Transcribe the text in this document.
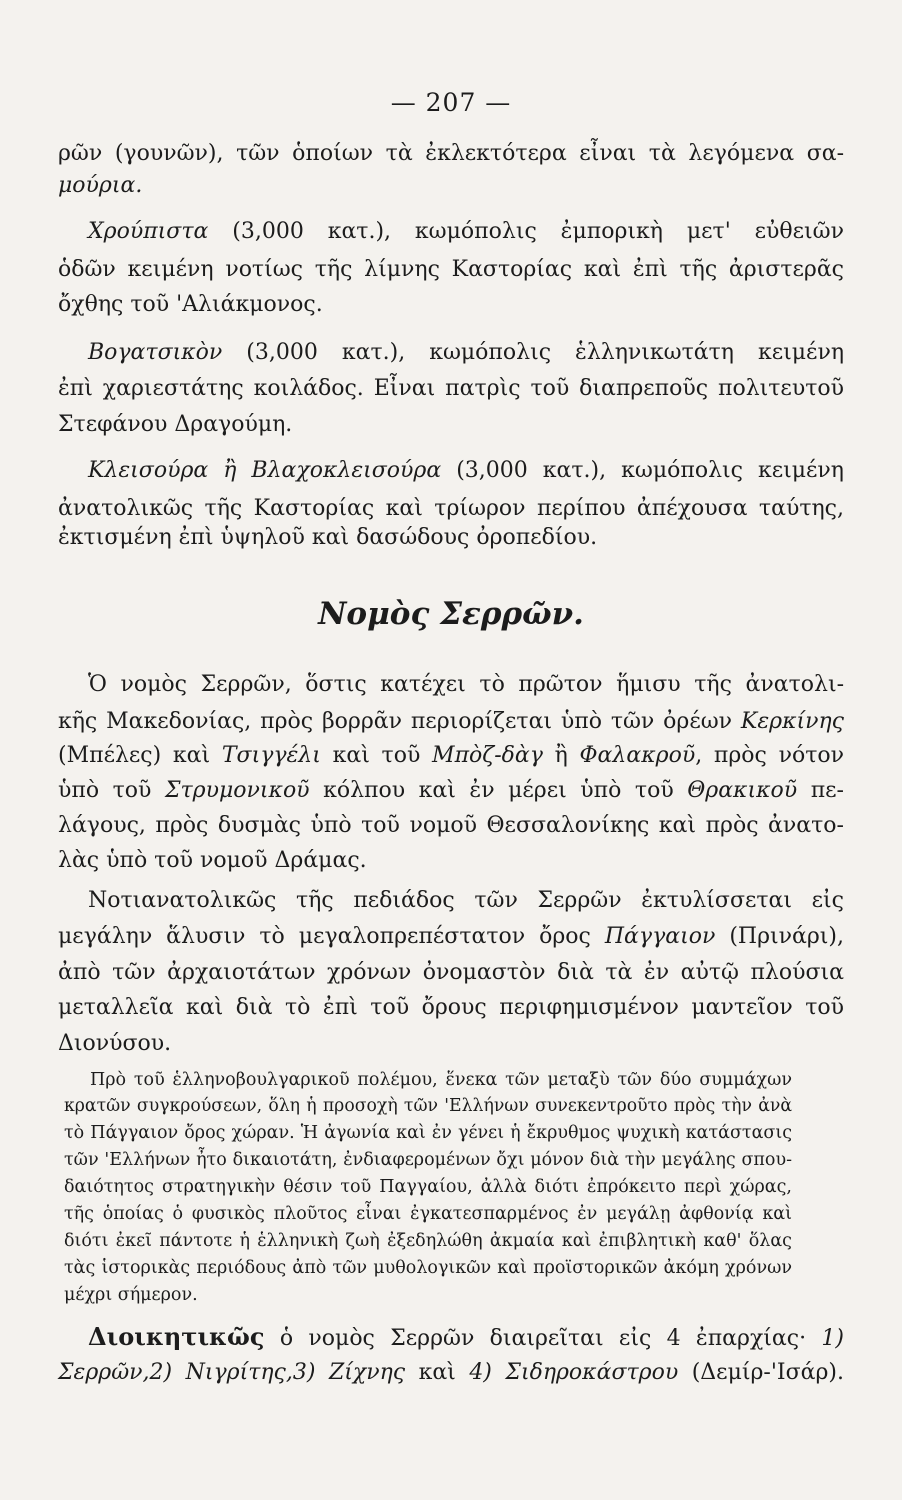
— 207 —
ρῶν (γουνῶν), τῶν ὁποίων τὰ ἐκλεκτότερα εἶναι τὰ λεγόμενα σα-
μούρια.
Χρούπιστα (3,000 κατ.), κωμόπολις ἐμπορικὴ μετ' εὐθειῶν
ὁδῶν κειμένη νοτίως τῆς λίμνης Καστορίας καὶ ἐπὶ τῆς ἀριστερᾶς
ὄχθης τοῦ 'Αλιάκμονος.
Βογατσικὸν (3,000 κατ.), κωμόπολις ἑλληνικωτάτη κειμένη
ἐπὶ χαριεστάτης κοιλάδος. Εἶναι πατρὶς τοῦ διαπρεποῦς πολιτευτοῦ
Στεφάνου Δραγούμη.
Κλεισούρα ἢ Βλαχοκλεισούρα (3,000 κατ.), κωμόπολις κειμένη
ἀνατολικῶς τῆς Καστορίας καὶ τρίωρον περίπου ἀπέχουσα ταύτης,
ἐκτισμένη ἐπὶ ὑψηλοῦ καὶ δασώδους ὀροπεδίου.
Νομὸς Σερρῶν.
Ὁ νομὸς Σερρῶν, ὅστις κατέχει τὸ πρῶτον ἥμισυ τῆς ἀνατολι-
κῆς Μακεδονίας, πρὸς βορρᾶν περιορίζεται ὑπὸ τῶν ὀρέων Κερκίνης
(Μπέλες) καὶ Τσιγγέλι καὶ τοῦ Μπὸζ-δὰγ ἢ Φαλακροῦ, πρὸς νότον
ὑπὸ τοῦ Στρυμονικοῦ κόλπου καὶ ἐν μέρει ὑπὸ τοῦ Θρακικοῦ πε-
λάγους, πρὸς δυσμὰς ὑπὸ τοῦ νομοῦ Θεσσαλονίκης καὶ πρὸς ἀνατο-
λὰς ὑπὸ τοῦ νομοῦ Δράμας.
Νοτιανατολικῶς τῆς πεδιάδος τῶν Σερρῶν ἐκτυλίσσεται εἰς
μεγάλην ἅλυσιν τὸ μεγαλοπρεπέστατον ὄρος Πάγγαιον (Πρινάρι),
ἀπὸ τῶν ἀρχαιοτάτων χρόνων ὀνομαστὸν διὰ τὰ ἐν αὐτῷ πλούσια
μεταλλεῖα καὶ διὰ τὸ ἐπὶ τοῦ ὄρους περιφημισμένον μαντεῖον τοῦ
Διονύσου.
Πρὸ τοῦ ἑλληνοβουλγαρικοῦ πολέμου, ἕνεκα τῶν μεταξὺ τῶν δύο συμμάχων
κρατῶν συγκρούσεων, ὅλη ἡ προσοχὴ τῶν 'Ελλήνων συνεκεντροῦτο πρὸς τὴν ἀνὰ
τὸ Πάγγαιον ὄρος χώραν. Ἡ ἀγωνία καὶ ἐν γένει ἡ ἔκρυθμος ψυχικὴ κατάστασις
τῶν 'Ελλήνων ἦτο δικαιοτάτη, ἐνδιαφερομένων ὄχι μόνον διὰ τὴν μεγάλης σπου-
δαιότητος στρατηγικὴν θέσιν τοῦ Παγγαίου, ἀλλὰ διότι ἐπρόκειτο περὶ χώρας,
τῆς ὁποίας ὁ φυσικὸς πλοῦτος εἶναι ἐγκατεσπαρμένος ἐν μεγάλῃ ἀφθονίᾳ καὶ
διότι ἐκεῖ πάντοτε ἡ ἑλληνικὴ ζωὴ ἐξεδηλώθη ἀκμαία καὶ ἐπιβλητικὴ καθ' ὅλας
τὰς ἱστορικὰς περιόδους ἀπὸ τῶν μυθολογικῶν καὶ προϊστορικῶν ἀκόμη χρόνων
μέχρι σήμερον.
Διοικητικῶς ὁ νομὸς Σερρῶν διαιρεῖται εἰς 4 ἐπαρχίας· 1)
Σερρῶν,2) Νιγρίτης,3) Ζίχνης καὶ 4) Σιδηροκάστρου (Δεμίρ-'Ισάρ).
